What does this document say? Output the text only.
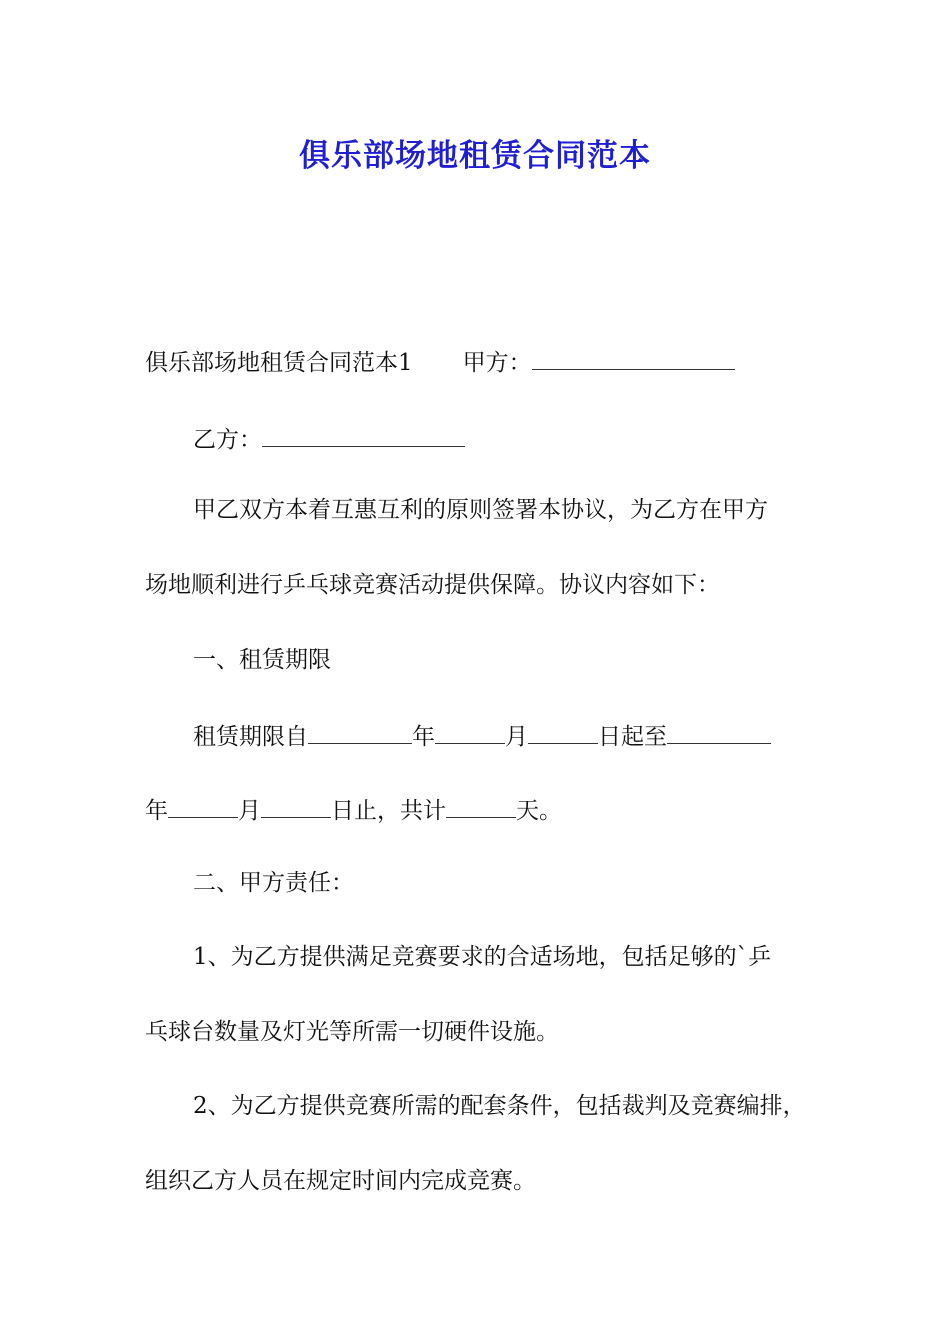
俱乐部场地租赁合同范本
俱乐部场地租赁合同范本1 甲方：
乙方：
甲乙双方本着互惠互利的原则签署本协议，为乙方在甲方
场地顺利进行乒乓球竞赛活动提供保障。协议内容如下：
一、租赁期限
租赁期限自	年	月	日起至
年	月	日止，共计	天。
二、甲方责任：
1、为乙方提供满足竞赛要求的合适场地，包括足够的`乒
乓球台数量及灯光等所需一切硬件设施。
2、为乙方提供竞赛所需的配套条件，包括裁判及竞赛编排，
组织乙方人员在规定时间内完成竞赛。
